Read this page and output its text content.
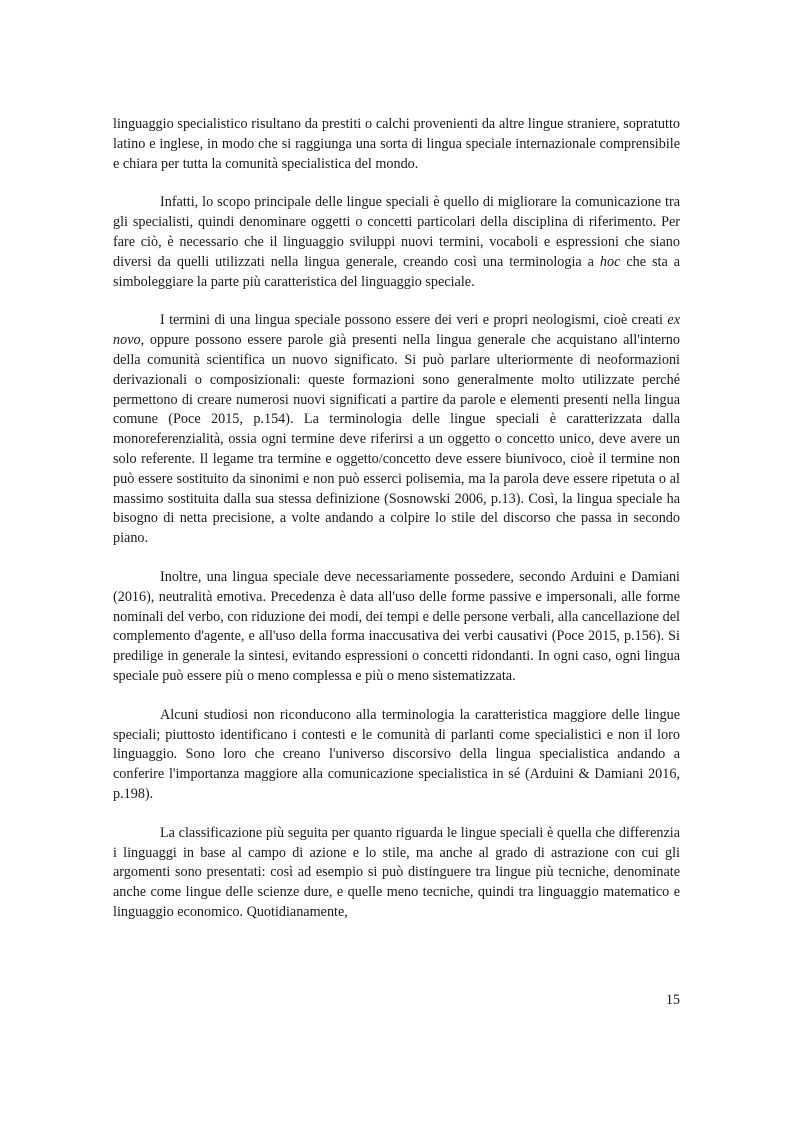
linguaggio specialistico risultano da prestiti o calchi provenienti da altre lingue straniere, sopratutto latino e inglese, in modo che si raggiunga una sorta di lingua speciale internazionale comprensibile e chiara per tutta la comunità specialistica del mondo.

Infatti, lo scopo principale delle lingue speciali è quello di migliorare la comunicazione tra gli specialisti, quindi denominare oggetti o concetti particolari della disciplina di riferimento. Per fare ciò, è necessario che il linguaggio sviluppi nuovi termini, vocaboli e espressioni che siano diversi da quelli utilizzati nella lingua generale, creando così una terminologia a hoc che sta a simboleggiare la parte più caratteristica del linguaggio speciale.

I termini di una lingua speciale possono essere dei veri e propri neologismi, cioè creati ex novo, oppure possono essere parole già presenti nella lingua generale che acquistano all'interno della comunità scientifica un nuovo significato. Si può parlare ulteriormente di neoformazioni derivazionali o composizionali: queste formazioni sono generalmente molto utilizzate perché permettono di creare numerosi nuovi significati a partire da parole e elementi presenti nella lingua comune (Poce 2015, p.154). La terminologia delle lingue speciali è caratterizzata dalla monoreferenzialità, ossia ogni termine deve riferirsi a un oggetto o concetto unico, deve avere un solo referente. Il legame tra termine e oggetto/concetto deve essere biunivoco, cioè il termine non può essere sostituito da sinonimi e non può esserci polisemia, ma la parola deve essere ripetuta o al massimo sostituita dalla sua stessa definizione (Sosnowski 2006, p.13). Così, la lingua speciale ha bisogno di netta precisione, a volte andando a colpire lo stile del discorso che passa in secondo piano.

Inoltre, una lingua speciale deve necessariamente possedere, secondo Arduini e Damiani (2016), neutralità emotiva. Precedenza è data all'uso delle forme passive e impersonali, alle forme nominali del verbo, con riduzione dei modi, dei tempi e delle persone verbali, alla cancellazione del complemento d'agente, e all'uso della forma inaccusativa dei verbi causativi (Poce 2015, p.156). Si predilige in generale la sintesi, evitando espressioni o concetti ridondanti. In ogni caso, ogni lingua speciale può essere più o meno complessa e più o meno sistematizzata.

Alcuni studiosi non riconducono alla terminologia la caratteristica maggiore delle lingue speciali; piuttosto identificano i contesti e le comunità di parlanti come specialistici e non il loro linguaggio. Sono loro che creano l'universo discorsivo della lingua specialistica andando a conferire l'importanza maggiore alla comunicazione specialistica in sé (Arduini & Damiani 2016, p.198).

La classificazione più seguita per quanto riguarda le lingue speciali è quella che differenzia i linguaggi in base al campo di azione e lo stile, ma anche al grado di astrazione con cui gli argomenti sono presentati: così ad esempio si può distinguere tra lingue più tecniche, denominate anche come lingue delle scienze dure, e quelle meno tecniche, quindi tra linguaggio matematico e linguaggio economico. Quotidianamente,

15
